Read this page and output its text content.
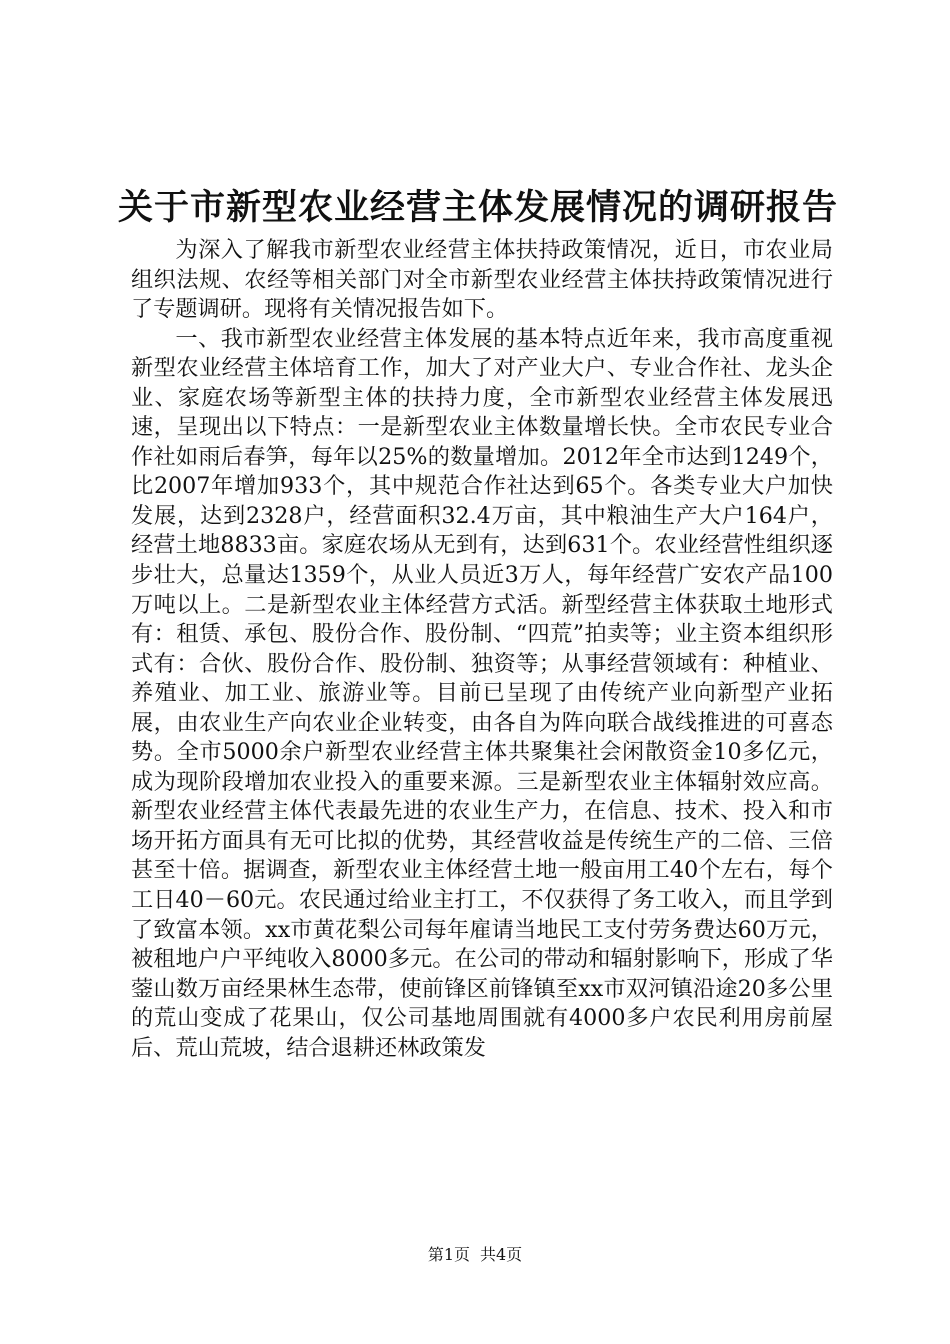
关于市新型农业经营主体发展情况的调研报告

为深入了解我市新型农业经营主体扶持政策情况，近日，市农业局组织法规、农经等相关部门对全市新型农业经营主体扶持政策情况进行了专题调研。现将有关情况报告如下。

一、我市新型农业经营主体发展的基本特点近年来，我市高度重视新型农业经营主体培育工作，加大了对产业大户、专业合作社、龙头企业、家庭农场等新型主体的扶持力度，全市新型农业经营主体发展迅速，呈现出以下特点：一是新型农业主体数量增长快。全市农民专业合作社如雨后春笋，每年以25%的数量增加。2012年全市达到1249个，比2007年增加933个，其中规范合作社达到65个。各类专业大户加快发展，达到2328户，经营面积32.4万亩，其中粮油生产大户164户，经营土地8833亩。家庭农场从无到有，达到631个。农业经营性组织逐步壮大，总量达1359个，从业人员近3万人，每年经营广安农产品100万吨以上。二是新型农业主体经营方式活。新型经营主体获取土地形式有：租赁、承包、股份合作、股份制、“四荒”拍卖等；业主资本组织形式有：合伙、股份合作、股份制、独资等；从事经营领域有：种植业、养殖业、加工业、旅游业等。目前已呈现了由传统产业向新型产业拓展，由农业生产向农业企业转变，由各自为阵向联合战线推进的可喜态势。全市5000余户新型农业经营主体共聚集社会闲散资金10多亿元，成为现阶段增加农业投入的重要来源。三是新型农业主体辐射效应高。新型农业经营主体代表最先进的农业生产力，在信息、技术、投入和市场开拓方面具有无可比拟的优势，其经营收益是传统生产的二倍、三倍甚至十倍。据调查，新型农业主体经营土地一般亩用工40个左右，每个工日40－60元。农民通过给业主打工，不仅获得了务工收入，而且学到了致富本领。xx市黄花梨公司每年雇请当地民工支付劳务费达60万元，被租地户户平纯收入8000多元。在公司的带动和辐射影响下，形成了华蓥山数万亩经果林生态带，使前锋区前锋镇至xx市双河镇沿途20多公里的荒山变成了花果山，仅公司基地周围就有4000多户农民利用房前屋后、荒山荒坡，结合退耕还林政策发

第1页 共4页
